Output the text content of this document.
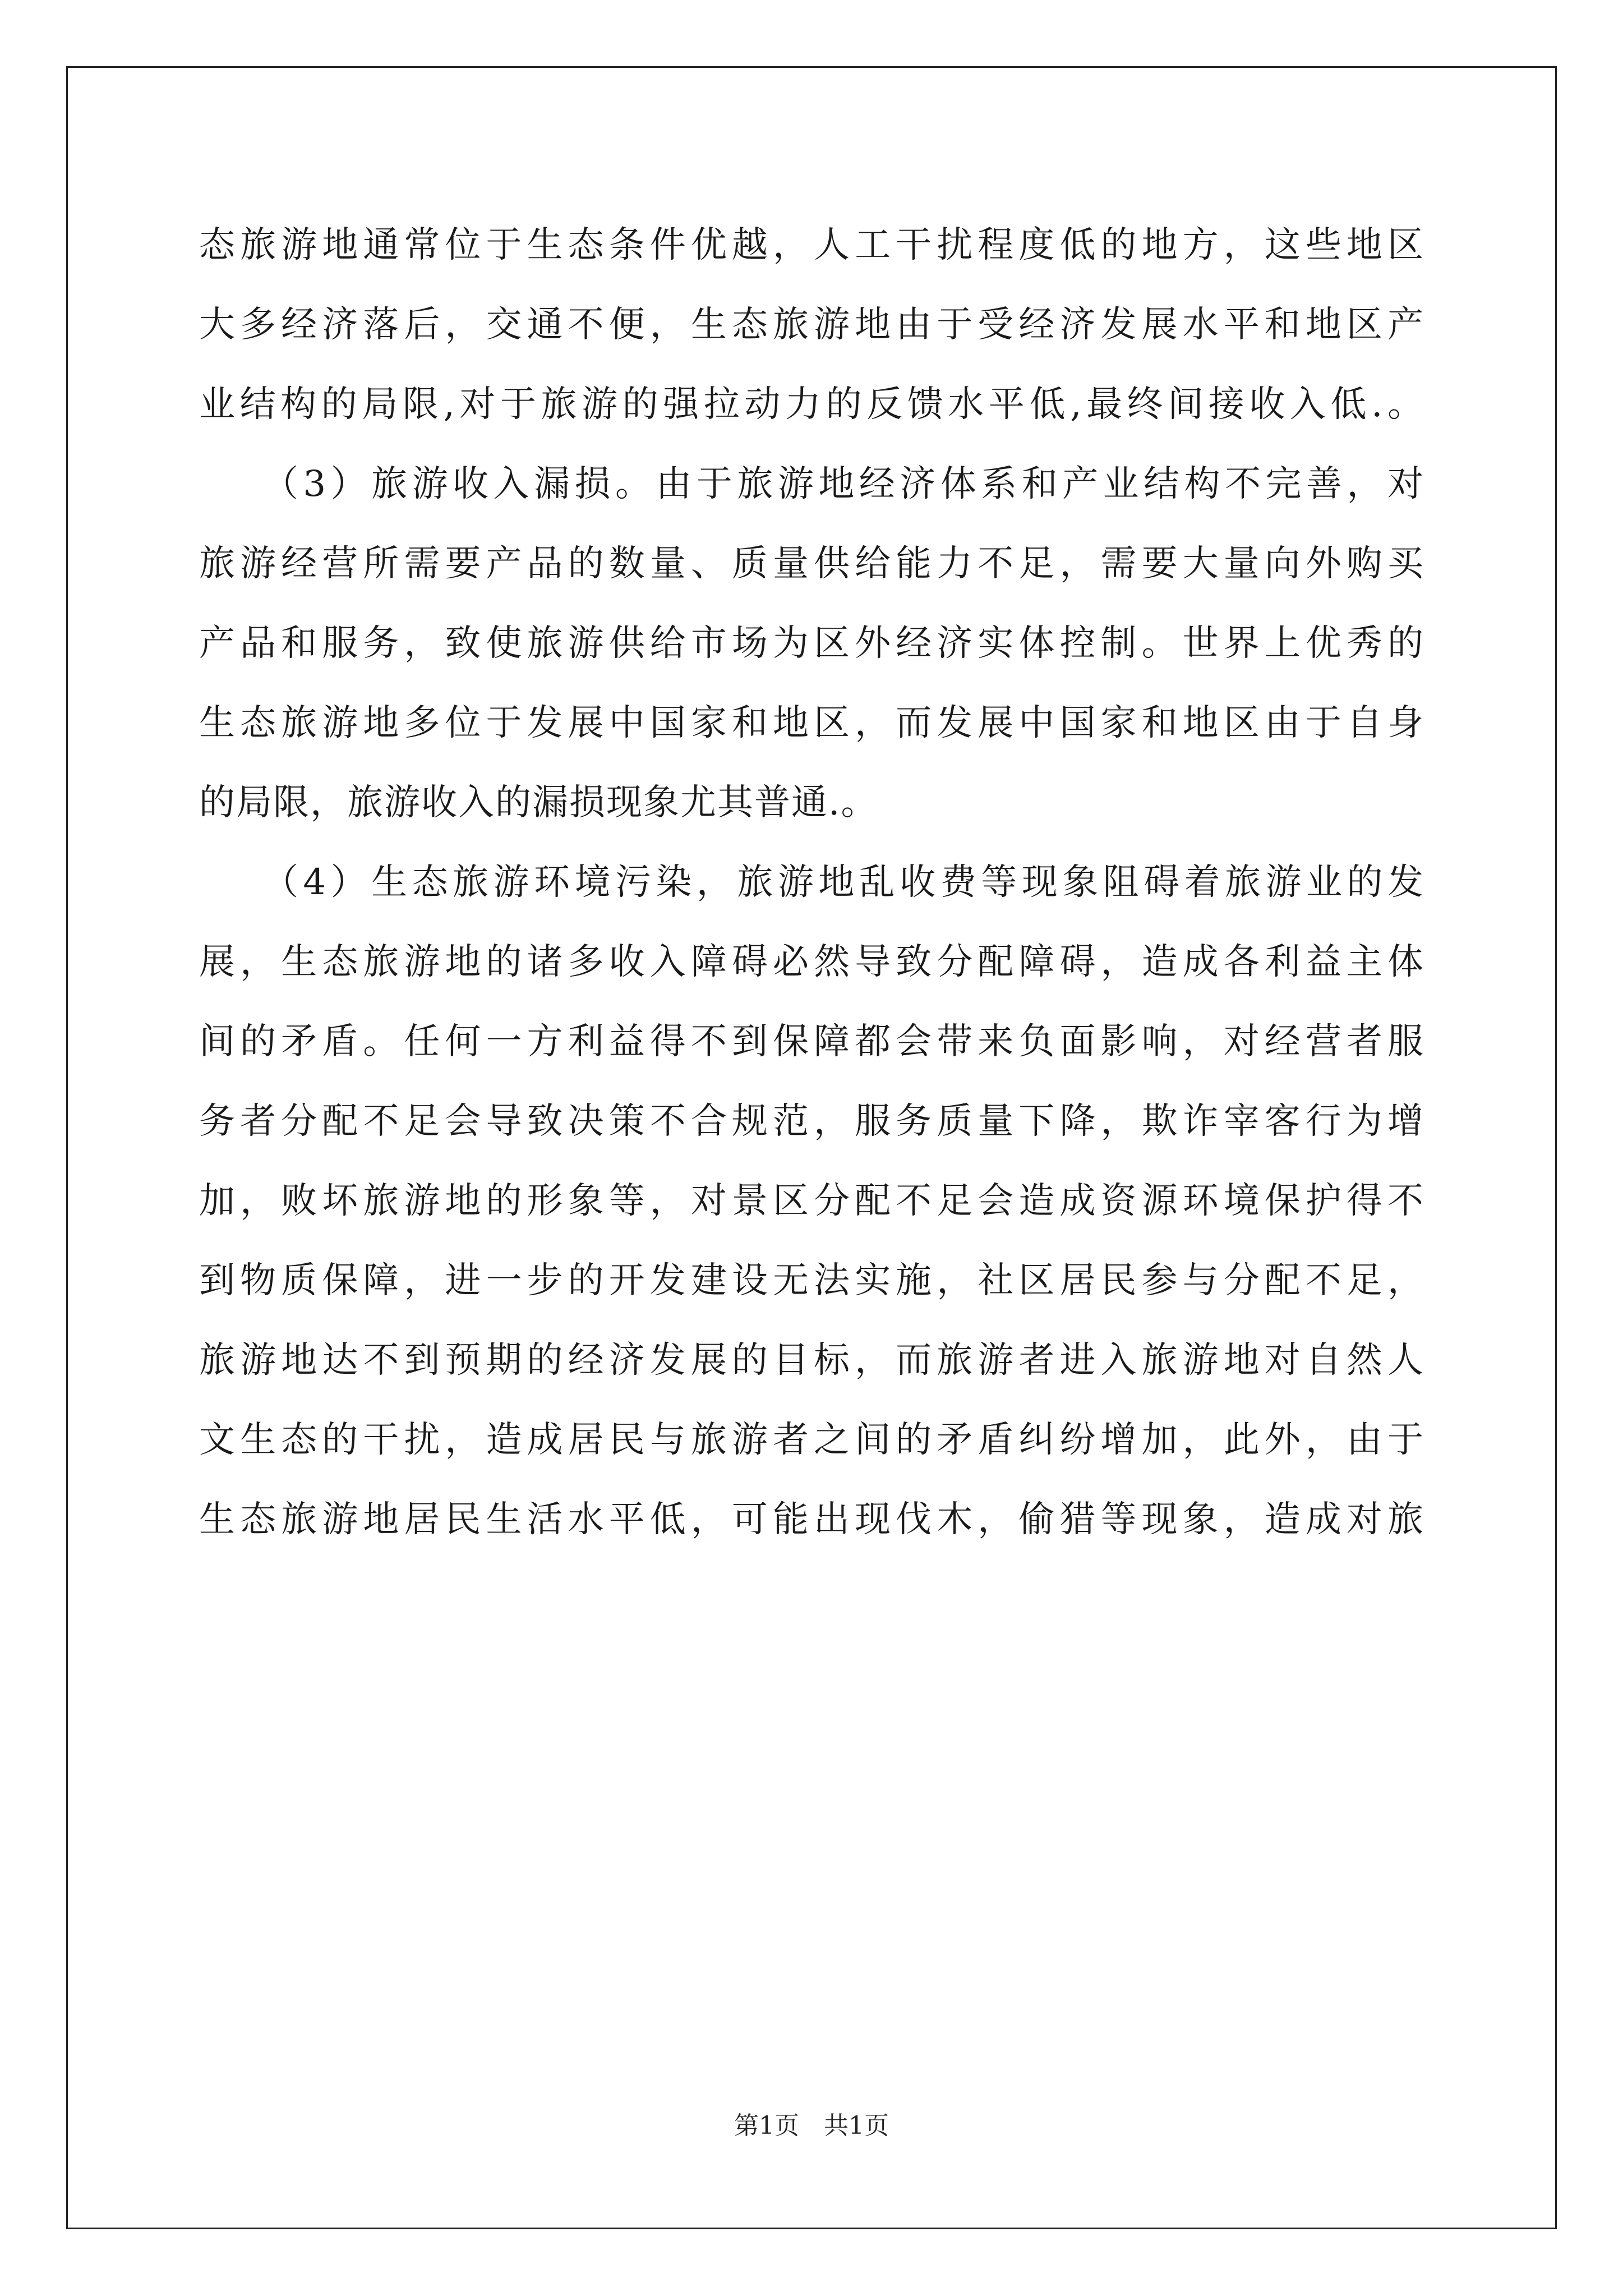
态旅游地通常位于生态条件优越，人工干扰程度低的地方，这些地区
大多经济落后，交通不便，生态旅游地由于受经济发展水平和地区产
业结构的局限,对于旅游的强拉动力的反馈水平低,最终间接收入低.。
　　（3）旅游收入漏损。由于旅游地经济体系和产业结构不完善，对
旅游经营所需要产品的数量、质量供给能力不足，需要大量向外购买
产品和服务，致使旅游供给市场为区外经济实体控制。世界上优秀的
生态旅游地多位于发展中国家和地区，而发展中国家和地区由于自身
的局限，旅游收入的漏损现象尤其普通.。
　　（4）生态旅游环境污染，旅游地乱收费等现象阻碍着旅游业的发
展，生态旅游地的诸多收入障碍必然导致分配障碍，造成各利益主体
间的矛盾。任何一方利益得不到保障都会带来负面影响，对经营者服
务者分配不足会导致决策不合规范，服务质量下降，欺诈宰客行为增
加，败坏旅游地的形象等，对景区分配不足会造成资源环境保护得不
到物质保障，进一步的开发建设无法实施，社区居民参与分配不足，
旅游地达不到预期的经济发展的目标，而旅游者进入旅游地对自然人
文生态的干扰，造成居民与旅游者之间的矛盾纠纷增加，此外，由于
生态旅游地居民生活水平低，可能出现伐木，偷猎等现象，造成对旅
第1页　共1页
